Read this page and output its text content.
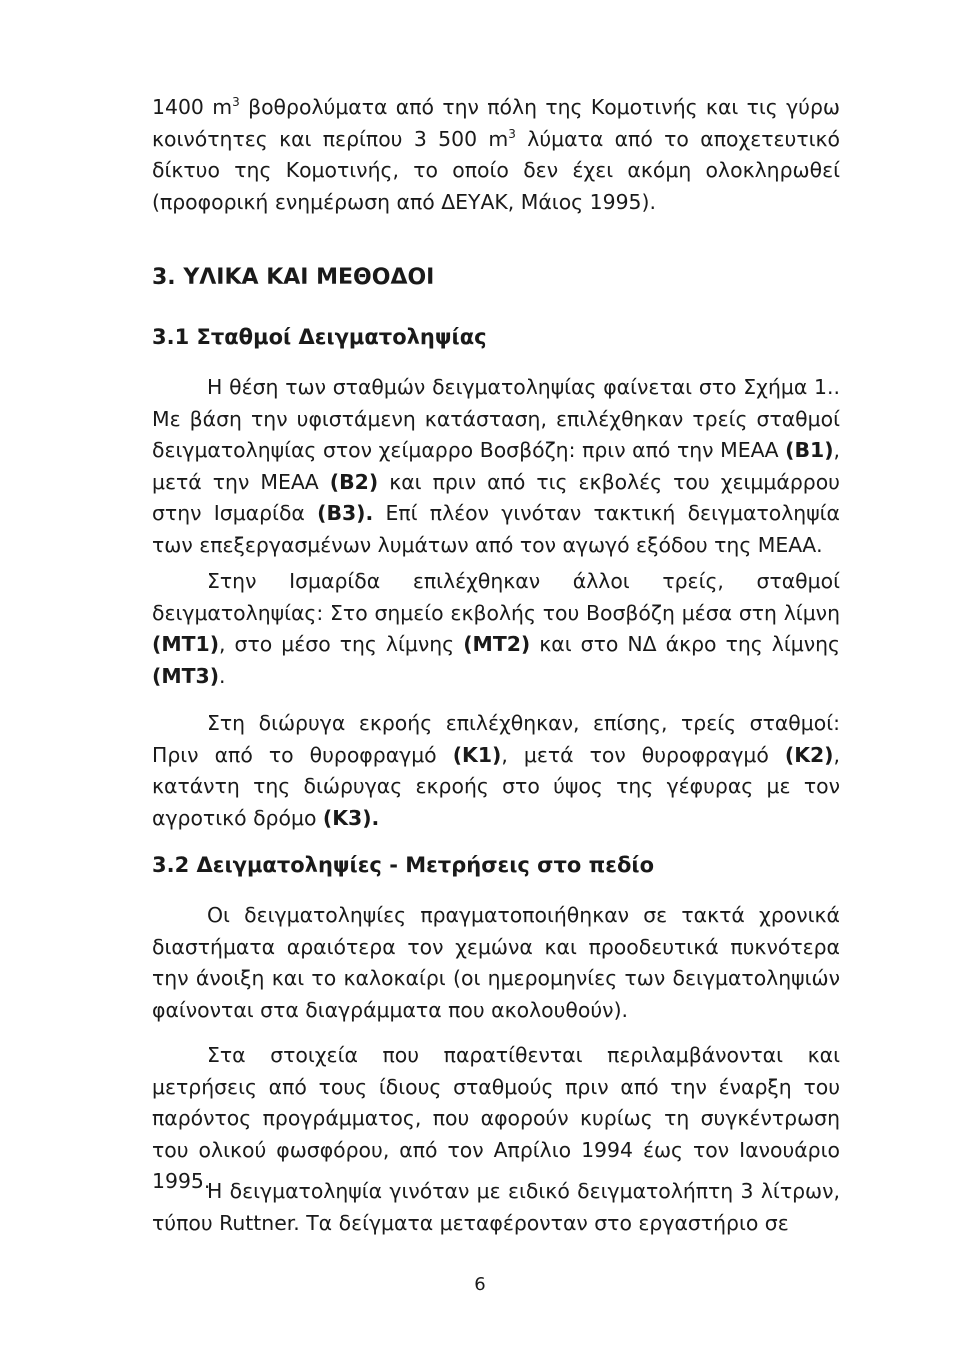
1400 $m^3$ βοθρολύματα από την πόλη της Κομοτινής και τις γύρω κοινότητες και περίπου 3 500 $m^3$ λύματα από το αποχετευτικό δίκτυο της Κομοτινής, το οποίο δεν έχει ακόμη ολοκληρωθεί (προφορική ενημέρωση από ΔΕΥΑΚ, Μάιος 1995).

3. ΥΛΙΚΑ ΚΑΙ ΜΕΘΟΔΟΙ
3.1 Σταθμοί Δειγματοληψίας

Η θέση των σταθμών δειγματοληψίας φαίνεται στο Σχήμα 1.. Με βάση την υφιστάμενη κατάσταση, επιλέχθηκαν τρείς σταθμοί δειγματοληψίας στον χείμαρρο Βοσβόζη: πριν από την ΜΕΑΑ (Β1), μετά την ΜΕΑΑ (Β2) και πριν από τις εκβολές του χειμμάρρου στην Ισμαρίδα (Β3). Επί πλέον γινόταν τακτική δειγματοληψία των επεξεργασμένων λυμάτων από τον αγωγό εξόδου της ΜΕΑΑ.

Στην Ισμαρίδα επιλέχθηκαν άλλοι τρείς, σταθμοί δειγματοληψίας: Στο σημείο εκβολής του Βοσβόζη μέσα στη λίμνη (ΜΤ1), στο μέσο της λίμνης (ΜΤ2) και στο ΝΔ άκρο της λίμνης (ΜΤ3).

Στη διώρυγα εκροής επιλέχθηκαν, επίσης, τρείς σταθμοί: Πριν από το θυροφραγμό (Κ1), μετά τον θυροφραγμό (Κ2), κατάντη της διώρυγας εκροής στο ύψος της γέφυρας με τον αγροτικό δρόμο (Κ3).

3.2 Δειγματοληψίες - Μετρήσεις στο πεδίο

Οι δειγματοληψίες πραγματοποιήθηκαν σε τακτά χρονικά διαστήματα αραιότερα τον χεμώνα και προοδευτικά πυκνότερα την άνοιξη και το καλοκαίρι (οι ημερομηνίες των δειγματοληψιών φαίνονται στα διαγράμματα που ακολουθούν).

Στα στοιχεία που παρατίθενται περιλαμβάνονται και μετρήσεις από τους ίδιους σταθμούς πριν από την έναρξη του παρόντος προγράμματος, που αφορούν κυρίως τη συγκέντρωση του ολικού φωσφόρου, από τον Απρίλιο 1994 έως τον Ιανουάριο 1995.

Η δειγματοληψία γινόταν με ειδικό δειγματολήπτη 3 λίτρων, τύπου Ruttner. Τα δείγματα μεταφέρονταν στο εργαστήριο σε

6
